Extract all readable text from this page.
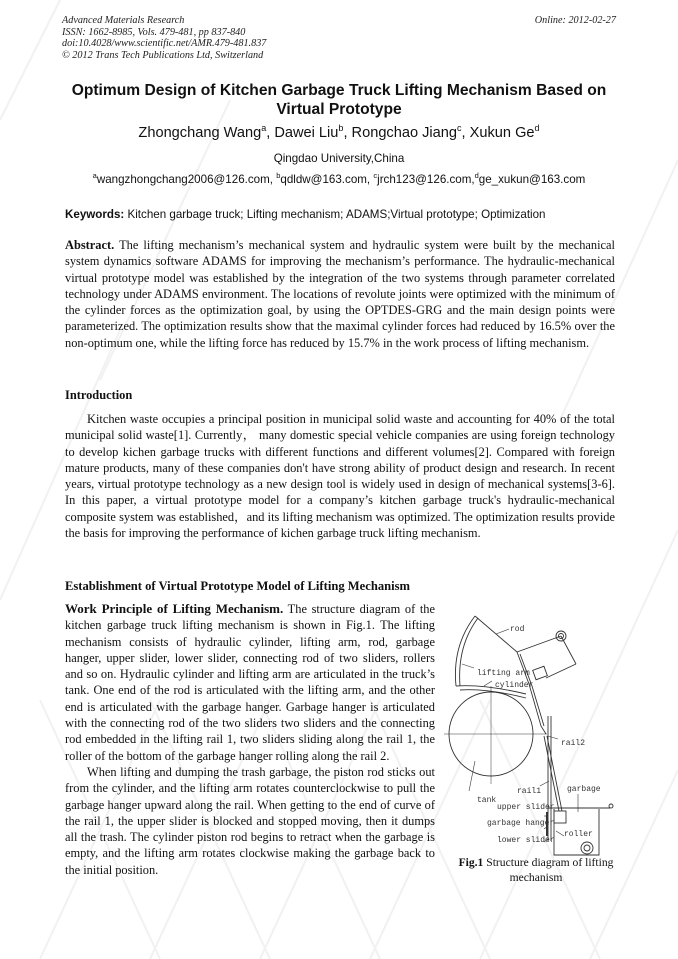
Advanced Materials Research
ISSN: 1662-8985, Vols. 479-481, pp 837-840
doi:10.4028/www.scientific.net/AMR.479-481.837
© 2012 Trans Tech Publications Ltd, Switzerland
Online: 2012-02-27
Optimum Design of Kitchen Garbage Truck Lifting Mechanism Based on
Virtual Prototype
Zhongchang Wang$^a$, Dawei Liu$^b$, Rongchao Jiang$^c$, Xukun Ge$^d$
Qingdao University,China
$^a$wangzhongchang2006@126.com, $^b$qdldw@163.com, $^c$jrch123@126.com,$^d$ge_xukun@163.com
Keywords: Kitchen garbage truck; Lifting mechanism; ADAMS;Virtual prototype; Optimization
Abstract. The lifting mechanism’s mechanical system and hydraulic system were built by the mechanical system dynamics software ADAMS for improving the mechanism’s performance. The hydraulic-mechanical virtual prototype model was established by the integration of the two systems through parameter correlated technology under ADAMS environment. The locations of revolute joints were optimized with the minimum of the cylinder forces as the optimization goal, by using the OPTDES-GRG and the main design points were parameterized. The optimization results show that the maximal cylinder forces had reduced by 16.5% over the non-optimum one, while the lifting force has reduced by 15.7% in the work process of lifting mechanism.
Introduction
Kitchen waste occupies a principal position in municipal solid waste and accounting for 40% of the total municipal solid waste[1]. Currently， many domestic special vehicle companies are using foreign technology to develop kichen garbage trucks with different functions and different volumes[2]. Compared with foreign mature products, many of these companies don't have strong ability of product design and research. In recent years, virtual prototype technology as a new design tool is widely used in design of mechanical systems[3-6]. In this paper, a virtual prototype model for a company’s kitchen garbage truck's hydraulic-mechanical composite system was established，and its lifting mechanism was optimized. The optimization results provide the basis for improving the performance of kichen garbage truck lifting mechanism.
Establishment of Virtual Prototype Model of Lifting Mechanism
Work Principle of Lifting Mechanism. The structure diagram of the kitchen garbage truck lifting mechanism is shown in Fig.1. The lifting mechanism consists of hydraulic cylinder, lifting arm, rod, garbage hanger, upper slider, lower slider, connecting rod of two sliders, rollers and so on. Hydraulic cylinder and lifting arm are articulated in the truck’s tank. One end of the rod is articulated with the lifting arm, and the other end is articulated with the garbage hanger. Garbage hanger is articulated with the connecting rod of the two sliders two sliders and the connecting rod embedded in the lifting rail 1, two sliders sliding along the rail 1, the roller of the bottom of the garbage hanger rolling along the rail 2.
When lifting and dumping the trash garbage, the piston rod sticks out from the cylinder, and the lifting arm rotates counterclockwise to pull the garbage hanger upward along the rail. When getting to the end of curve of the rail 1, the upper slider is blocked and stopped moving, then it dumps all the trash. The cylinder piston rod begins to retract when the garbage is empty, and the lifting arm rotates clockwise making the garbage back to the initial position.
rod
lifting arm
cylinder
rail2
rail1
tank
garbage
upper slider
garbage hanger
roller
lower slider
Fig.1 Structure diagram of lifting mechanism
